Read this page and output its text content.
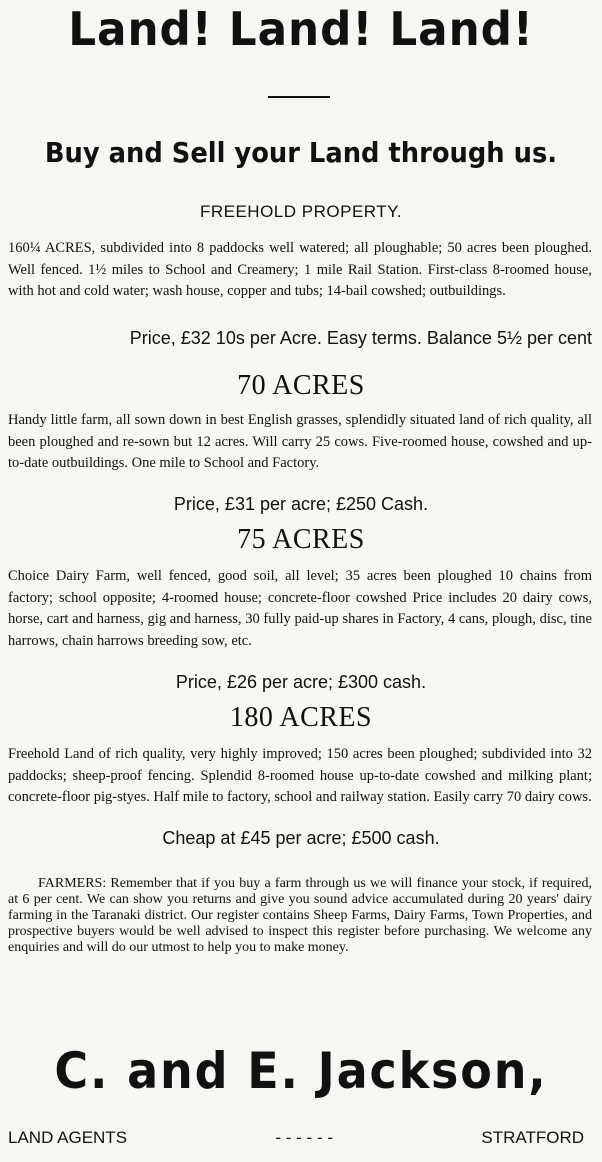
Land! Land! Land!
Buy and Sell your Land through us.
FREEHOLD PROPERTY.
160¼ ACRES, subdivided into 8 paddocks well watered; all ploughable; 50 acres been ploughed. Well fenced. 1½ miles to School and Creamery; 1 mile Rail Station. First-class 8-roomed house, with hot and cold water; wash house, copper and tubs; 14-bail cowshed; outbuildings.
Price, £32 10s per Acre. Easy terms. Balance 5½ per cent
70 ACRES
Handy little farm, all sown down in best English grasses, splendidly situated land of rich quality, all been ploughed and re-sown but 12 acres. Will carry 25 cows. Five-roomed house, cowshed and up-to-date outbuildings. One mile to School and Factory.
Price, £31 per acre; £250 Cash.
75 ACRES
Choice Dairy Farm, well fenced, good soil, all level; 35 acres been ploughed 10 chains from factory; school opposite; 4-roomed house; concrete-floor cowshed Price includes 20 dairy cows, horse, cart and harness, gig and harness, 30 fully paid-up shares in Factory, 4 cans, plough, disc, tine harrows, chain harrows breeding sow, etc.
Price, £26 per acre; £300 cash.
180 ACRES
Freehold Land of rich quality, very highly improved; 150 acres been ploughed; subdivided into 32 paddocks; sheep-proof fencing. Splendid 8-roomed house up-to-date cowshed and milking plant; concrete-floor pig-styes. Half mile to factory, school and railway station. Easily carry 70 dairy cows.
Cheap at £45 per acre; £500 cash.
FARMERS: Remember that if you buy a farm through us we will finance your stock, if required, at 6 per cent. We can show you returns and give you sound advice accumulated during 20 years' dairy farming in the Taranaki district. Our register contains Sheep Farms, Dairy Farms, Town Properties, and prospective buyers would be well advised to inspect this register before purchasing. We welcome any enquiries and will do our utmost to help you to make money.
C. and E. Jackson,
LAND AGENTS	- - - - - -	STRATFORD
